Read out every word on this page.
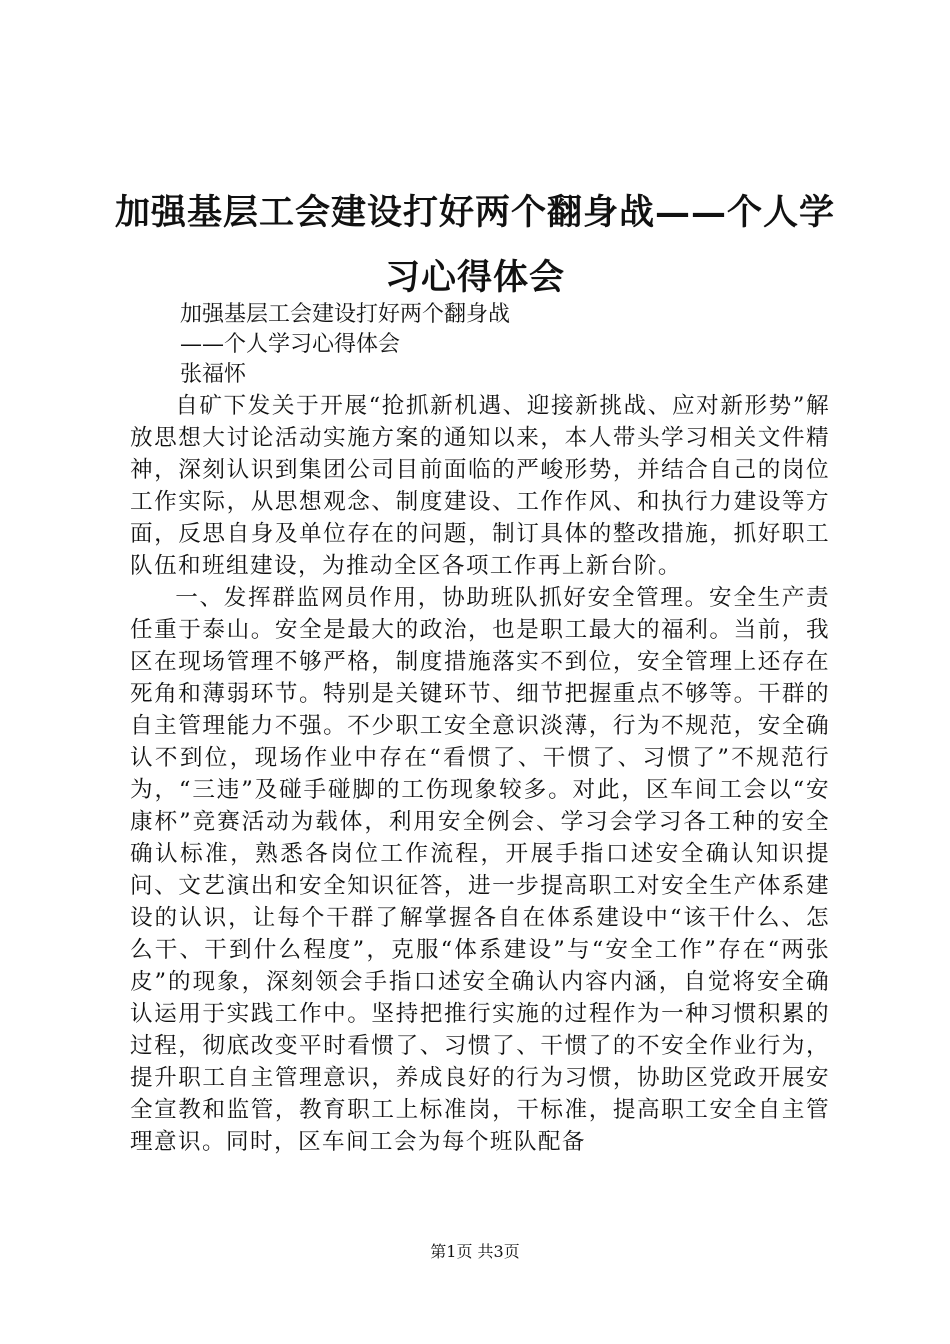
加强基层工会建设打好两个翻身战——个人学习心得体会
加强基层工会建设打好两个翻身战
——个人学习心得体会
张福怀

自矿下发关于开展“抢抓新机遇、迎接新挑战、应对新形势”解放思想大讨论活动实施方案的通知以来，本人带头学习相关文件精神，深刻认识到集团公司目前面临的严峻形势，并结合自己的岗位工作实际，从思想观念、制度建设、工作作风、和执行力建设等方面，反思自身及单位存在的问题，制订具体的整改措施，抓好职工队伍和班组建设，为推动全区各项工作再上新台阶。

一、发挥群监网员作用，协助班队抓好安全管理。安全生产责任重于泰山。安全是最大的政治，也是职工最大的福利。当前，我区在现场管理不够严格，制度措施落实不到位，安全管理上还存在死角和薄弱环节。特别是关键环节、细节把握重点不够等。干群的自主管理能力不强。不少职工安全意识淡薄，行为不规范，安全确认不到位，现场作业中存在“看惯了、干惯了、习惯了”不规范行为，“三违”及碰手碰脚的工伤现象较多。对此，区车间工会以“安康杯”竞赛活动为载体，利用安全例会、学习会学习各工种的安全确认标准，熟悉各岗位工作流程，开展手指口述安全确认知识提问、文艺演出和安全知识征答，进一步提高职工对安全生产体系建设的认识，让每个干群了解掌握各自在体系建设中“该干什么、怎么干、干到什么程度”，克服“体系建设”与“安全工作”存在“两张皮”的现象，深刻领会手指口述安全确认内容内涵，自觉将安全确认运用于实践工作中。坚持把推行实施的过程作为一种习惯积累的过程，彻底改变平时看惯了、习惯了、干惯了的不安全作业行为，提升职工自主管理意识，养成良好的行为习惯，协助区党政开展安全宣教和监管，教育职工上标准岗，干标准，提高职工安全自主管理意识。同时，区车间工会为每个班队配备

第1页 共3页
